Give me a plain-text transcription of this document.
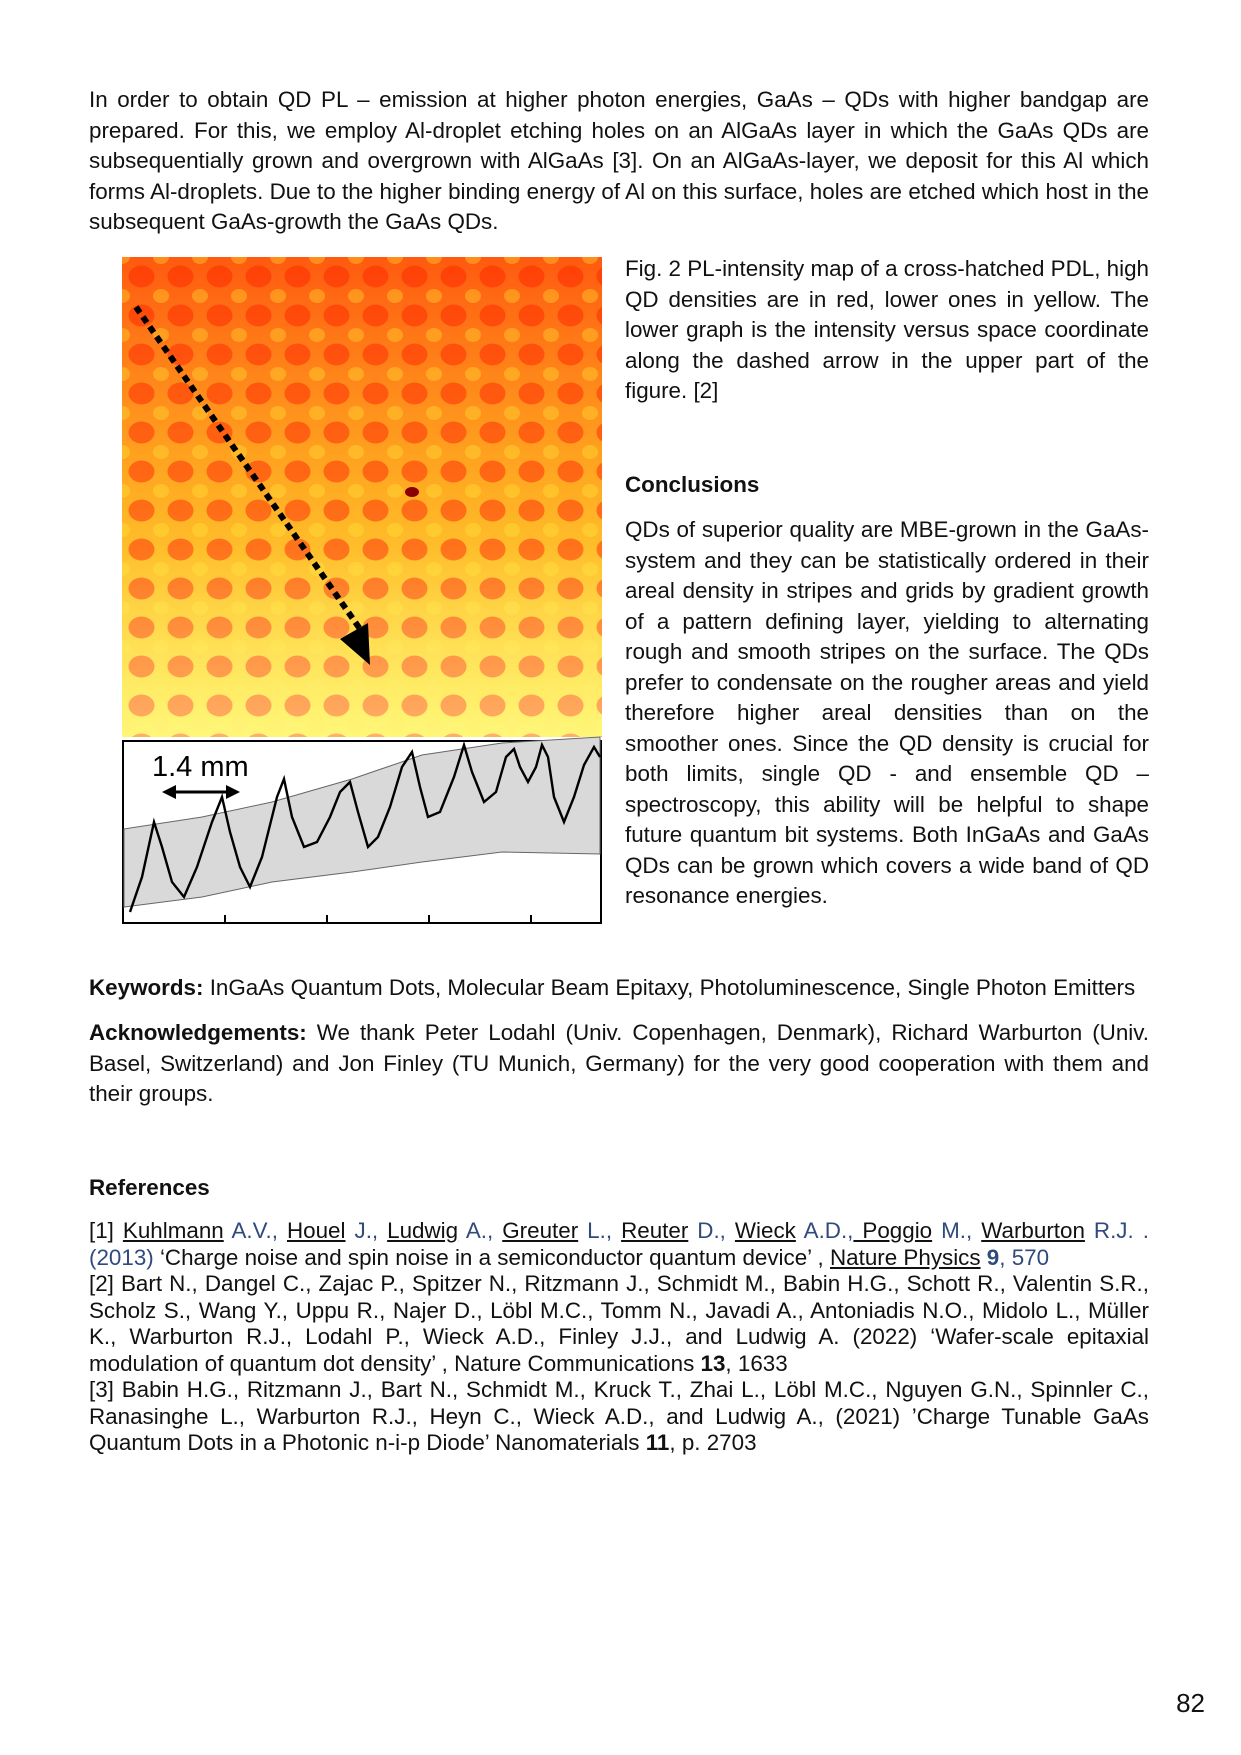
In order to obtain QD PL – emission at higher photon energies, GaAs – QDs with higher bandgap are prepared. For this, we employ Al-droplet etching holes on an AlGaAs layer in which the GaAs QDs are subsequentially grown and overgrown with AlGaAs [3]. On an AlGaAs-layer, we deposit for this Al which forms Al-droplets. Due to the higher binding energy of Al on this surface, holes are etched which host in the subsequent GaAs-growth the GaAs QDs.
1.4 mm
Fig. 2 PL-intensity map of a cross-hatched PDL, high QD densities are in red, lower ones in yellow. The lower graph is the intensity versus space coordinate along the dashed arrow in the upper part of the figure. [2]
Conclusions
QDs of superior quality are MBE-grown in the GaAs-system and they can be statistically ordered in their areal density in stripes and grids by gradient growth of a pattern defining layer, yielding to alternating rough and smooth stripes on the surface. The QDs prefer to condensate on the rougher areas and yield therefore higher areal densities than on the smoother ones. Since the QD density is crucial for both limits, single QD - and ensemble QD – spectroscopy, this ability will be helpful to shape future quantum bit systems. Both InGaAs and GaAs QDs can be grown which covers a wide band of QD resonance energies.
Keywords: InGaAs Quantum Dots, Molecular Beam Epitaxy, Photoluminescence, Single Photon Emitters
Acknowledgements: We thank Peter Lodahl (Univ. Copenhagen, Denmark), Richard Warburton (Univ. Basel, Switzerland) and Jon Finley (TU Munich, Germany) for the very good cooperation with them and their groups.
References

[1] Kuhlmann A.V., Houel J., Ludwig A., Greuter L., Reuter D., Wieck A.D., Poggio M., Warburton R.J. . (2013) ‘Charge noise and spin noise in a semiconductor quantum device’ , Nature Physics 9, 570

[2] Bart N., Dangel C., Zajac P., Spitzer N., Ritzmann J., Schmidt M., Babin H.G., Schott R., Valentin S.R., Scholz S., Wang Y., Uppu R., Najer D., Löbl M.C., Tomm N., Javadi A., Antoniadis N.O., Midolo L., Müller K., Warburton R.J., Lodahl P., Wieck A.D., Finley J.J., and Ludwig A. (2022) ‘Wafer-scale epitaxial modulation of quantum dot density’ , Nature Communications 13, 1633

[3] Babin H.G., Ritzmann J., Bart N., Schmidt M., Kruck T., Zhai L., Löbl M.C., Nguyen G.N., Spinnler C., Ranasinghe L., Warburton R.J., Heyn C., Wieck A.D., and Ludwig A., (2021) ’Charge Tunable GaAs Quantum Dots in a Photonic n-i-p Diode’ Nanomaterials 11, p. 2703

82
